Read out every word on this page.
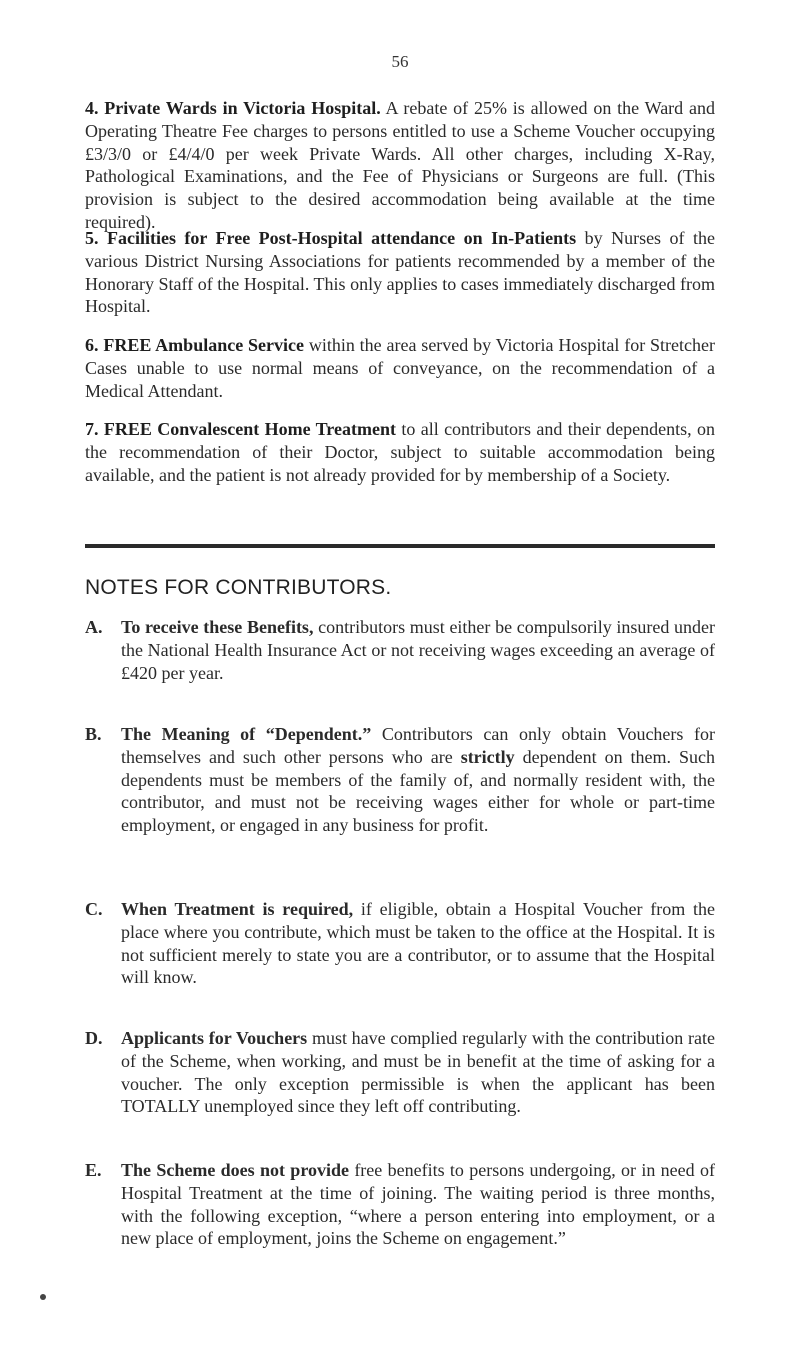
56
4. Private Wards in Victoria Hospital. A rebate of 25% is allowed on the Ward and Operating Theatre Fee charges to persons entitled to use a Scheme Voucher occupying £3/3/0 or £4/4/0 per week Private Wards. All other charges, including X-Ray, Pathological Examinations, and the Fee of Physicians or Surgeons are full. (This provision is subject to the desired accommodation being available at the time required).
5. Facilities for Free Post-Hospital attendance on In-Patients by Nurses of the various District Nursing Associations for patients recommended by a member of the Honorary Staff of the Hospital. This only applies to cases immediately discharged from Hospital.
6. FREE Ambulance Service within the area served by Victoria Hospital for Stretcher Cases unable to use normal means of conveyance, on the recommendation of a Medical Attendant.
7. FREE Convalescent Home Treatment to all contributors and their dependents, on the recommendation of their Doctor, subject to suitable accommodation being available, and the patient is not already provided for by membership of a Society.
NOTES FOR CONTRIBUTORS.
A. To receive these Benefits, contributors must either be compulsorily insured under the National Health Insurance Act or not receiving wages exceeding an average of £420 per year.
B. The Meaning of “Dependent.” Contributors can only obtain Vouchers for themselves and such other persons who are strictly dependent on them. Such dependents must be members of the family of, and normally resident with, the contributor, and must not be receiving wages either for whole or part-time employment, or engaged in any business for profit.
C. When Treatment is required, if eligible, obtain a Hospital Voucher from the place where you contribute, which must be taken to the office at the Hospital. It is not sufficient merely to state you are a contributor, or to assume that the Hospital will know.
D. Applicants for Vouchers must have complied regularly with the contribution rate of the Scheme, when working, and must be in benefit at the time of asking for a voucher. The only exception permissible is when the applicant has been TOTALLY unemployed since they left off contributing.
E. The Scheme does not provide free benefits to persons undergoing, or in need of Hospital Treatment at the time of joining. The waiting period is three months, with the following exception, “where a person entering into employment, or a new place of employment, joins the Scheme on engagement.”
